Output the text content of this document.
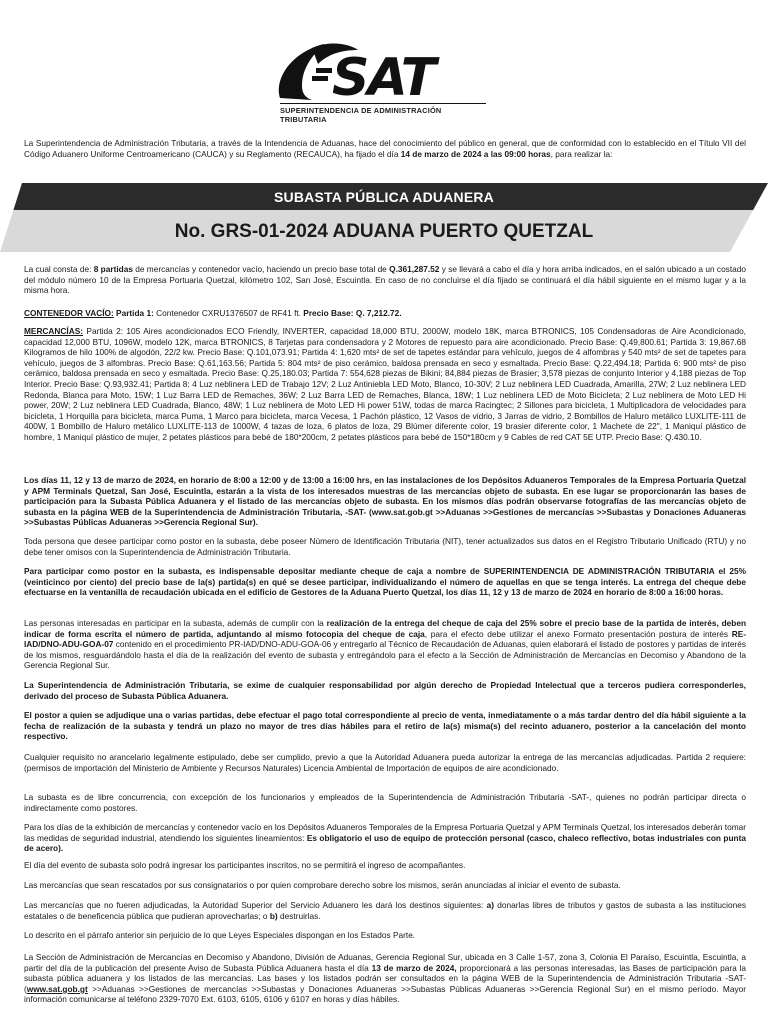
SAT
SUPERINTENDENCIA DE ADMINISTRACIÓN TRIBUTARIA

La Superintendencia de Administración Tributaria, a través de la Intendencia de Aduanas, hace del conocimiento del público en general, que de conformidad con lo establecido en el Título VII del Código Aduanero Uniforme Centroamericano (CAUCA) y su Reglamento (RECAUCA), ha fijado el día 14 de marzo de 2024 a las 09:00 horas, para realizar la:

SUBASTA PÚBLICA ADUANERA
No. GRS-01-2024 ADUANA PUERTO QUETZAL

La cual consta de: 8 partidas de mercancías y contenedor vacío, haciendo un precio base total de Q.361,287.52 y se llevará a cabo el día y hora arriba indicados, en el salón ubicado a un costado del módulo número 10 de la Empresa Portuaria Quetzal, kilómetro 102, San José, Escuintla. En caso de no concluirse el día fijado se continuará el día hábil siguiente en el mismo lugar y a la misma hora.

CONTENEDOR VACÍO: Partida 1: Contenedor CXRU1376507 de RF41 ft. Precio Base: Q. 7,212.72.

MERCANCÍAS: Partida 2: 105 Aires acondicionados ECO Friendly, INVERTER, capacidad 18,000 BTU, 2000W, modelo 18K, marca BTRONICS, 105 Condensadoras de Aire Acondicionado, capacidad 12,000 BTU, 1096W, modelo 12K, marca BTRONICS, 8 Tarjetas para condensadora y 2 Motores de repuesto para aire acondicionado. Precio Base: Q.49,800.61; Partida 3: 19,867.68 Kilogramos de hilo 100% de algodón, 22/2 kw. Precio Base: Q.101,073.91; Partida 4: 1,620 mts² de set de tapetes estándar para vehículo, juegos de 4 alfombras y 540 mts² de set de tapetes para vehículo, juegos de 3 alfombras. Precio Base: Q.61,163.56; Partida 5: 804 mts² de piso cerámico, baldosa prensada en seco y esmaltada. Precio Base: Q.22,494.18; Partida 6: 900 mts² de piso cerámico, baldosa prensada en seco y esmaltada. Precio Base: Q.25,180.03; Partida 7: 554,628 piezas de Bikini; 84,884 piezas de Brasier; 3,578 piezas de conjunto Interior y 4,188 piezas de Top Interior. Precio Base: Q.93,932.41; Partida 8: 4 Luz neblinera LED de Trabajo 12V; 2 Luz Antiniebla LED Moto, Blanco, 10-30V; 2 Luz neblinera LED Cuadrada, Amarilla, 27W; 2 Luz neblinera LED Redonda, Blanca para Moto, 15W; 1 Luz Barra LED de Remaches, 36W; 2 Luz Barra LED de Remaches, Blanca, 18W; 1 Luz neblinera LED de Moto Bicicleta; 2 Luz neblinera de Moto LED Hi power, 20W; 2 Luz neblinera LED Cuadrada, Blanco, 48W; 1 Luz neblinera de Moto LED Hi power 51W, todas de marca Racingtec; 2 Sillones para bicicleta, 1 Multiplicadora de velocidades para bicicleta, 1 Horquilla para bicicleta, marca Puma, 1 Marco para bicicleta, marca Vecesa, 1 Pachón plástico, 12 Vasos de vidrio, 3 Jarras de vidrio, 2 Bombillos de Haluro metálico LUXLITE-111 de 400W, 1 Bombillo de Haluro metálico LUXLITE-113 de 1000W, 4 tazas de loza, 6 platos de loza, 29 Blúmer diferente color, 19 brasier diferente color, 1 Machete de 22", 1 Maniquí plástico de hombre, 1 Maniquí plástico de mujer, 2 petates plásticos para bebé de 180*200cm, 2 petates plásticos para bebé de 150*180cm y 9 Cables de red CAT 5E UTP. Precio Base: Q.430.10.

Los días 11, 12 y 13 de marzo de 2024, en horario de 8:00 a 12:00 y de 13:00 a 16:00 hrs, en las instalaciones de los Depósitos Aduaneros Temporales de la Empresa Portuaria Quetzal y APM Terminals Quetzal, San José, Escuintla, estarán a la vista de los interesados muestras de las mercancías objeto de subasta. En ese lugar se proporcionarán las bases de participación para la Subasta Pública Aduanera y el listado de las mercancías objeto de subasta. En los mismos días podrán observarse fotografías de las mercancías objeto de subasta en la página WEB de la Superintendencia de Administración Tributaria, -SAT- (www.sat.gob.gt >>Aduanas >>Gestiones de mercancías >>Subastas y Donaciones Aduaneras >>Subastas Públicas Aduaneras >>Gerencia Regional Sur).

Toda persona que desee participar como postor en la subasta, debe poseer Número de Identificación Tributaria (NIT), tener actualizados sus datos en el Registro Tributario Unificado (RTU) y no debe tener omisos con la Superintendencia de Administración Tributaria.

Para participar como postor en la subasta, es indispensable depositar mediante cheque de caja a nombre de SUPERINTENDENCIA DE ADMINISTRACIÓN TRIBUTARIA el 25% (veinticinco por ciento) del precio base de la(s) partida(s) en qué se desee participar, individualizando el número de aquellas en que se tenga interés. La entrega del cheque debe efectuarse en la ventanilla de recaudación ubicada en el edificio de Gestores de la Aduana Puerto Quetzal, los días 11, 12 y 13 de marzo de 2024 en horario de 8:00 a 16:00 horas.

Las personas interesadas en participar en la subasta, además de cumplir con la realización de la entrega del cheque de caja del 25% sobre el precio base de la partida de interés, deben indicar de forma escrita el número de partida, adjuntando al mismo fotocopia del cheque de caja, para el efecto debe utilizar el anexo Formato presentación postura de interés RE-IAD/DNO-ADU-GOA-07 contenido en el procedimiento PR-IAD/DNO-ADU-GOA-06 y entregarlo al Técnico de Recaudación de Aduanas, quien elaborará el listado de postores y partidas de interés de los mismos, resguardándolo hasta el día de la realización del evento de subasta y entregándolo para el efecto a la Sección de Administración de Mercancías en Decomiso y Abandono de la Gerencia Regional Sur.

La Superintendencia de Administración Tributaria, se exime de cualquier responsabilidad por algún derecho de Propiedad Intelectual que a terceros pudiera corresponderles, derivado del proceso de Subasta Pública Aduanera.

El postor a quien se adjudique una o varias partidas, debe efectuar el pago total correspondiente al precio de venta, inmediatamente o a más tardar dentro del día hábil siguiente a la fecha de realización de la subasta y tendrá un plazo no mayor de tres días hábiles para el retiro de la(s) misma(s) del recinto aduanero, posterior a la cancelación del monto respectivo.

Cualquier requisito no arancelario legalmente estipulado, debe ser cumplido, previo a que la Autoridad Aduanera pueda autorizar la entrega de las mercancías adjudicadas. Partida 2 requiere: (permisos de importación del Ministerio de Ambiente y Recursos Naturales) Licencia Ambiental de Importación de equipos de aire acondicionado.

La subasta es de libre concurrencia, con excepción de los funcionarios y empleados de la Superintendencia de Administración Tributaria -SAT-, quienes no podrán participar directa o indirectamente como postores.

Para los días de la exhibición de mercancías y contenedor vacío en los Depósitos Aduaneros Temporales de la Empresa Portuaria Quetzal y APM Terminals Quetzal, los interesados deberán tomar las medidas de seguridad industrial, atendiendo los siguientes lineamientos: Es obligatorio el uso de equipo de protección personal (casco, chaleco reflectivo, botas industriales con punta de acero).

El día del evento de subasta solo podrá ingresar los participantes inscritos, no se permitirá el ingreso de acompañantes.

Las mercancías que sean rescatados por sus consignatarios o por quien comprobare derecho sobre los mismos, serán anunciadas al iniciar el evento de subasta.

Las mercancías que no fueren adjudicadas, la Autoridad Superior del Servicio Aduanero les dará los destinos siguientes: a) donarlas libres de tributos y gastos de subasta a las instituciones estatales o de beneficencia pública que pudieran aprovecharlas; o b) destruirlas.

Lo descrito en el párrafo anterior sin perjuicio de lo que Leyes Especiales dispongan en los Estados Parte.

La Sección de Administración de Mercancías en Decomiso y Abandono, División de Aduanas, Gerencia Regional Sur, ubicada en 3 Calle 1-57, zona 3, Colonia El Paraíso, Escuintla, Escuintla, a partir del día de la publicación del presente Aviso de Subasta Pública Aduanera hasta el día 13 de marzo de 2024, proporcionará a las personas interesadas, las Bases de participación para la subasta pública aduanera y los listados de las mercancías. Las bases y los listados podrán ser consultados en la página WEB de la Superintendencia de Administración Tributaria -SAT- (www.sat.gob.gt >>Aduanas >>Gestiones de mercancías >>Subastas y Donaciones Aduaneras >>Subastas Públicas Aduaneras >>Gerencia Regional Sur) en el mismo período. Mayor información comunicarse al teléfono 2329-7070 Ext. 6103, 6105, 6106 y 6107 en horas y días hábiles.
